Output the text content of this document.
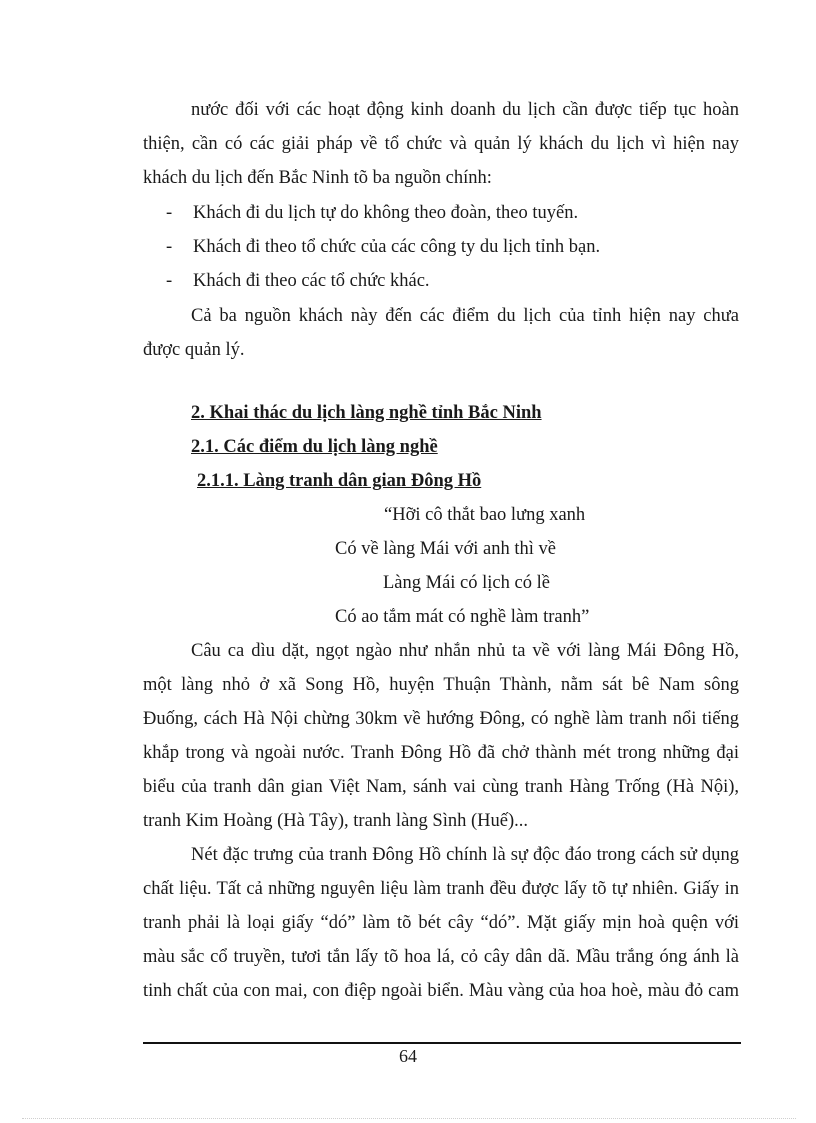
nước đối với các hoạt động kinh doanh du lịch cần được tiếp tục hoàn

thiện, cần có các giải pháp về tổ chức và quản lý khách du lịch vì hiện nay

khách du lịch đến Bắc Ninh tõ ba nguồn chính:

- Khách đi du lịch tự do không theo đoàn, theo tuyến.
- Khách đi theo tổ chức của các công ty du lịch tỉnh bạn.
- Khách đi theo các tổ chức khác.

Cả ba nguồn khách này đến các điểm du lịch của tỉnh hiện nay chưa

được quản lý.

2. Khai thác du lịch làng nghề tỉnh Bắc Ninh
2.1. Các điểm du lịch làng nghề
2.1.1. Làng tranh dân gian Đông Hồ
“Hỡi cô thắt bao lưng xanh
Có về làng Mái với anh thì về
Làng Mái có lịch có lề
Có ao tắm mát có nghề làm tranh”

Câu ca dìu dặt, ngọt ngào như nhắn nhủ ta về với làng Mái Đông Hồ,

một làng nhỏ ở xã Song Hồ, huyện Thuận Thành, nằm sát bê Nam sông

Đuống, cách Hà Nội chừng 30km về hướng Đông, có nghề làm tranh nổi tiếng

khắp trong và ngoài nước. Tranh Đông Hồ đã chở thành mét trong những đại

biểu của tranh dân gian Việt Nam, sánh vai cùng tranh Hàng Trống (Hà Nội),

tranh Kim Hoàng (Hà Tây), tranh làng Sình (Huế)...

Nét đặc trưng của tranh Đông Hồ chính là sự độc đáo trong cách sử dụng

chất liệu. Tất cả những nguyên liệu làm tranh đều được lấy tõ tự nhiên. Giấy in

tranh phải là loại giấy “dó” làm tõ bét cây “dó”. Mặt giấy mịn hoà quện với

màu sắc cổ truyền, tươi tắn lấy tõ hoa lá, cỏ cây dân dã. Mầu trắng óng ánh là

tinh chất của con mai, con điệp ngoài biển. Màu vàng của hoa hoè, màu đỏ cam

64
